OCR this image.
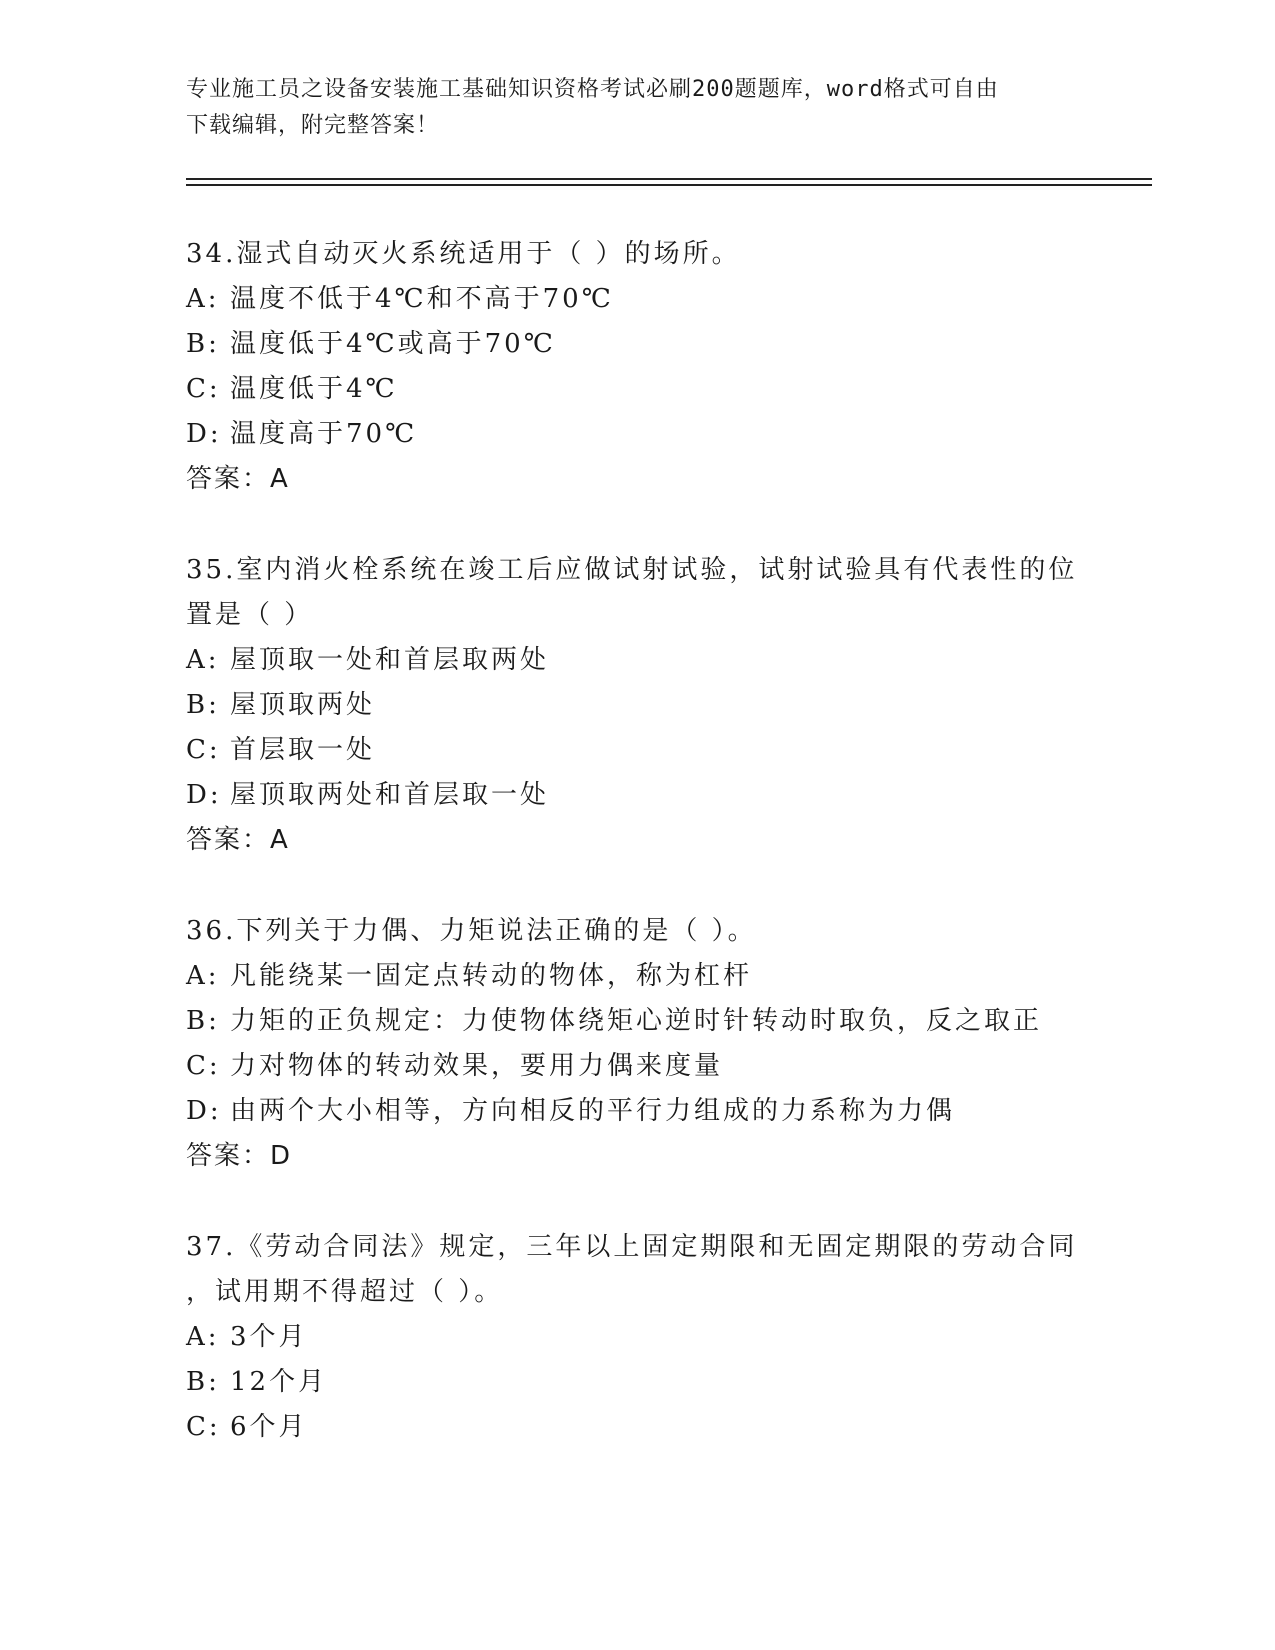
专业施工员之设备安装施工基础知识资格考试必刷200题题库，word格式可自由
下载编辑，附完整答案！
34.湿式自动灭火系统适用于（ ）的场所。
A: 温度不低于4℃和不高于70℃
B: 温度低于4℃或高于70℃
C: 温度低于4℃
D: 温度高于70℃
答案：A
35.室内消火栓系统在竣工后应做试射试验，试射试验具有代表性的位
置是（ ）
A: 屋顶取一处和首层取两处
B: 屋顶取两处
C: 首层取一处
D: 屋顶取两处和首层取一处
答案：A
36.下列关于力偶、力矩说法正确的是（ ）。
A: 凡能绕某一固定点转动的物体，称为杠杆
B: 力矩的正负规定：力使物体绕矩心逆时针转动时取负，反之取正
C: 力对物体的转动效果，要用力偶来度量
D: 由两个大小相等，方向相反的平行力组成的力系称为力偶
答案：D
37.《劳动合同法》规定，三年以上固定期限和无固定期限的劳动合同
，试用期不得超过（ ）。
A: 3个月
B: 12个月
C: 6个月
